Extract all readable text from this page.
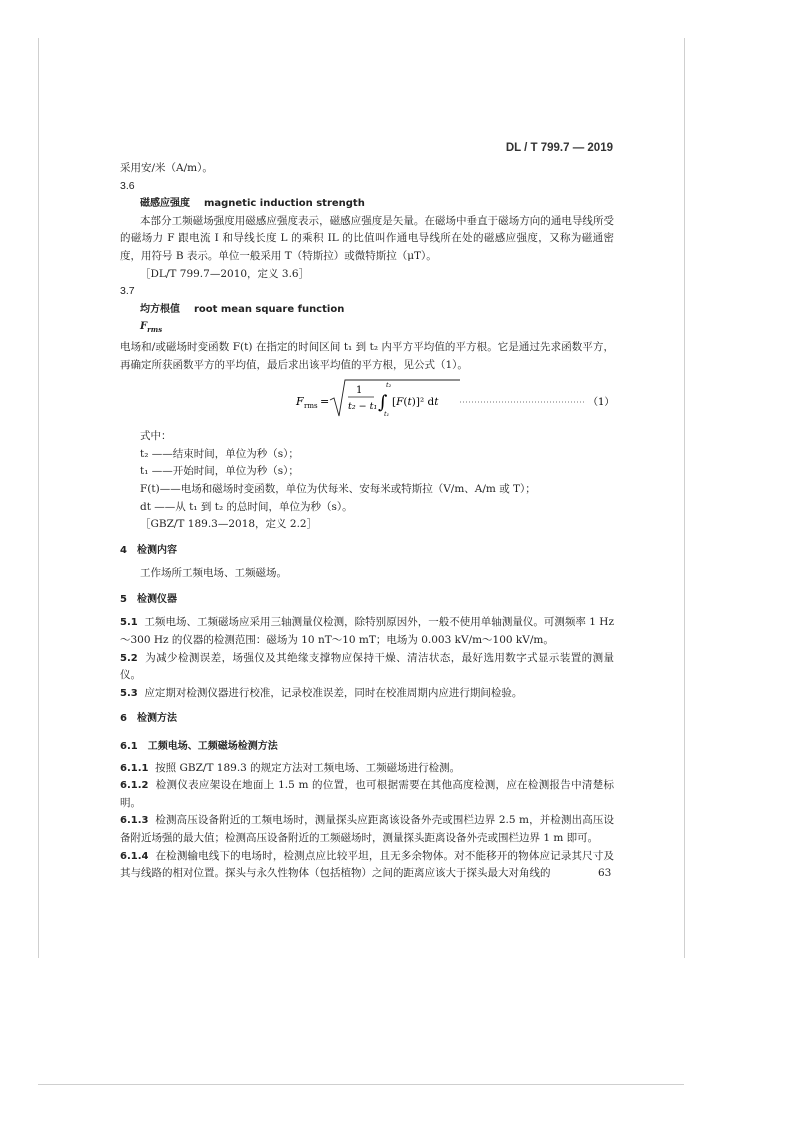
DL / T 799.7 — 2019

采用安/米（A/m）。

3.6

磁感应强度 magnetic induction strength

本部分工频磁场强度用磁感应强度表示，磁感应强度是矢量。在磁场中垂直于磁场方向的通电导线所受的磁场力 F 跟电流 I 和导线长度 L 的乘积 IL 的比值叫作通电导线所在处的磁感应强度，又称为磁通密度，用符号 B 表示。单位一般采用 T（特斯拉）或微特斯拉（μT）。

［DL/T 799.7—2010，定义 3.6］

3.7

均方根值 root mean square function

$F_{rms}$

电场和/或磁场时变函数 F(t) 在指定的时间区间 t₁ 到 t₂ 内平方平均值的平方根。它是通过先求函数平方，再确定所获函数平方的平均值，最后求出该平均值的平方根，见公式（1）。

F rms =
1
t₂ − t₁ ∫
t₂
t₁
[F(t)]² dt	（1）

式中：

t₂ ——结束时间，单位为秒（s）；

t₁ ——开始时间，单位为秒（s）；

F(t)——电场和磁场时变函数，单位为伏每米、安每米或特斯拉（V/m、A/m 或 T）；

dt ——从 t₁ 到 t₂ 的总时间，单位为秒（s）。

［GBZ/T 189.3—2018，定义 2.2］

4　检测内容

工作场所工频电场、工频磁场。

5　检测仪器

5.1 工频电场、工频磁场应采用三轴测量仪检测，除特别原因外，一般不使用单轴测量仪。可测频率 1 Hz～300 Hz 的仪器的检测范围：磁场为 10 nT～10 mT；电场为 0.003 kV/m～100 kV/m。

5.2 为减少检测误差，场强仪及其绝缘支撑物应保持干燥、清洁状态，最好选用数字式显示装置的测量仪。

5.3 应定期对检测仪器进行校准，记录校准误差，同时在校准周期内应进行期间检验。

6　检测方法

6.1　工频电场、工频磁场检测方法

6.1.1 按照 GBZ/T 189.3 的规定方法对工频电场、工频磁场进行检测。

6.1.2 检测仪表应架设在地面上 1.5 m 的位置，也可根据需要在其他高度检测，应在检测报告中清楚标明。

6.1.3 检测高压设备附近的工频电场时，测量探头应距离该设备外壳或围栏边界 2.5 m，并检测出高压设备附近场强的最大值；检测高压设备附近的工频磁场时，测量探头距离设备外壳或围栏边界 1 m 即可。

6.1.4 在检测输电线下的电场时，检测点应比较平坦，且无多余物体。对不能移开的物体应记录其尺寸及其与线路的相对位置。探头与永久性物体（包括植物）之间的距离应该大于探头最大对角线的	63
